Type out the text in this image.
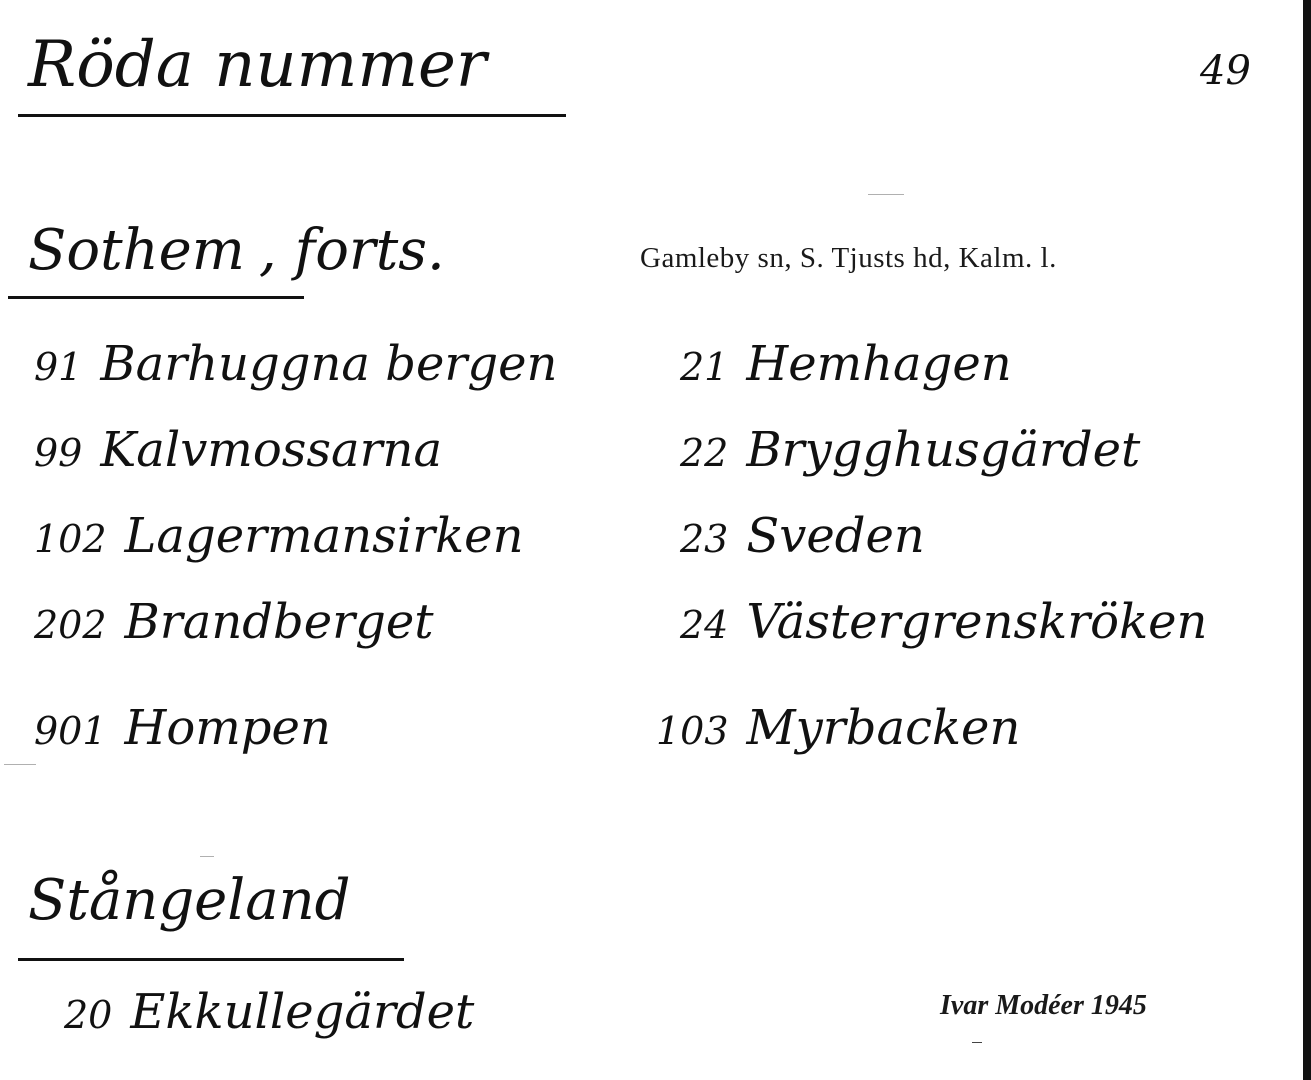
Röda nummer	49
Sothem , forts.	Gamleby sn, S. Tjusts hd, Kalm. l.
91 Barhuggna bergen
99 Kalvmossarna
102 Lagermansirken
202 Brandberget
901 Hompen
21 Hemhagen
22 Brygghusgärdet
23 Sveden
24 Västergrenskröken
103 Myrbacken
Stångeland
20 Ekkullegärdet	Ivar Modéer 1945
